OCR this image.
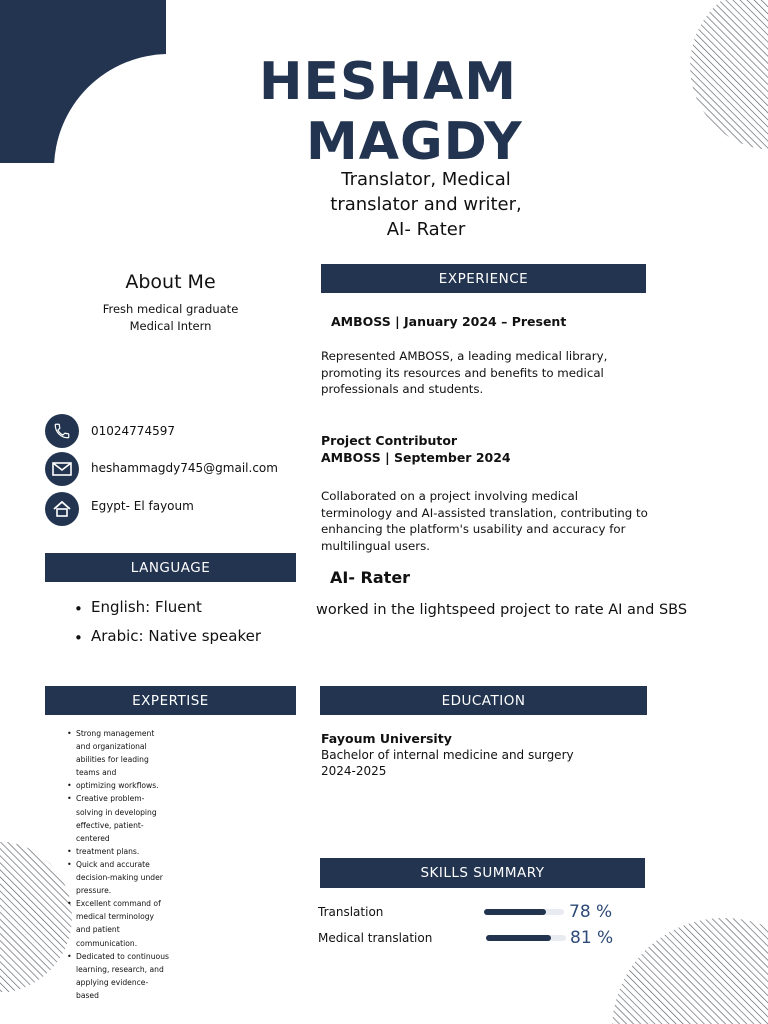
HESHAM
MAGDY
Translator, Medical
translator and writer,
AI- Rater
About Me
Fresh medical graduate
Medical Intern
01024774597
heshammagdy745@gmail.com
Egypt- El fayoum
LANGUAGE
• English: Fluent
• Arabic: Native speaker
EXPERTISE
• Strong management
and organizational
abilities for leading
teams and
• optimizing workflows.
• Creative problem-
solving in developing
effective, patient-
centered
• treatment plans.
• Quick and accurate
decision-making under
pressure.
• Excellent command of
medical terminology
and patient
communication.
• Dedicated to continuous
learning, research, and
applying evidence-
based
EXPERIENCE
AMBOSS | January 2024 – Present
Represented AMBOSS, a leading medical library,
promoting its resources and benefits to medical
professionals and students.
Project Contributor
AMBOSS | September 2024
Collaborated on a project involving medical
terminology and AI-assisted translation, contributing to
enhancing the platform's usability and accuracy for
multilingual users.
AI- Rater
worked in the lightspeed project to rate AI and SBS
EDUCATION
Fayoum University
Bachelor of internal medicine and surgery
2024-2025
SKILLS SUMMARY
Translation	78 %
Medical translation	81 %
